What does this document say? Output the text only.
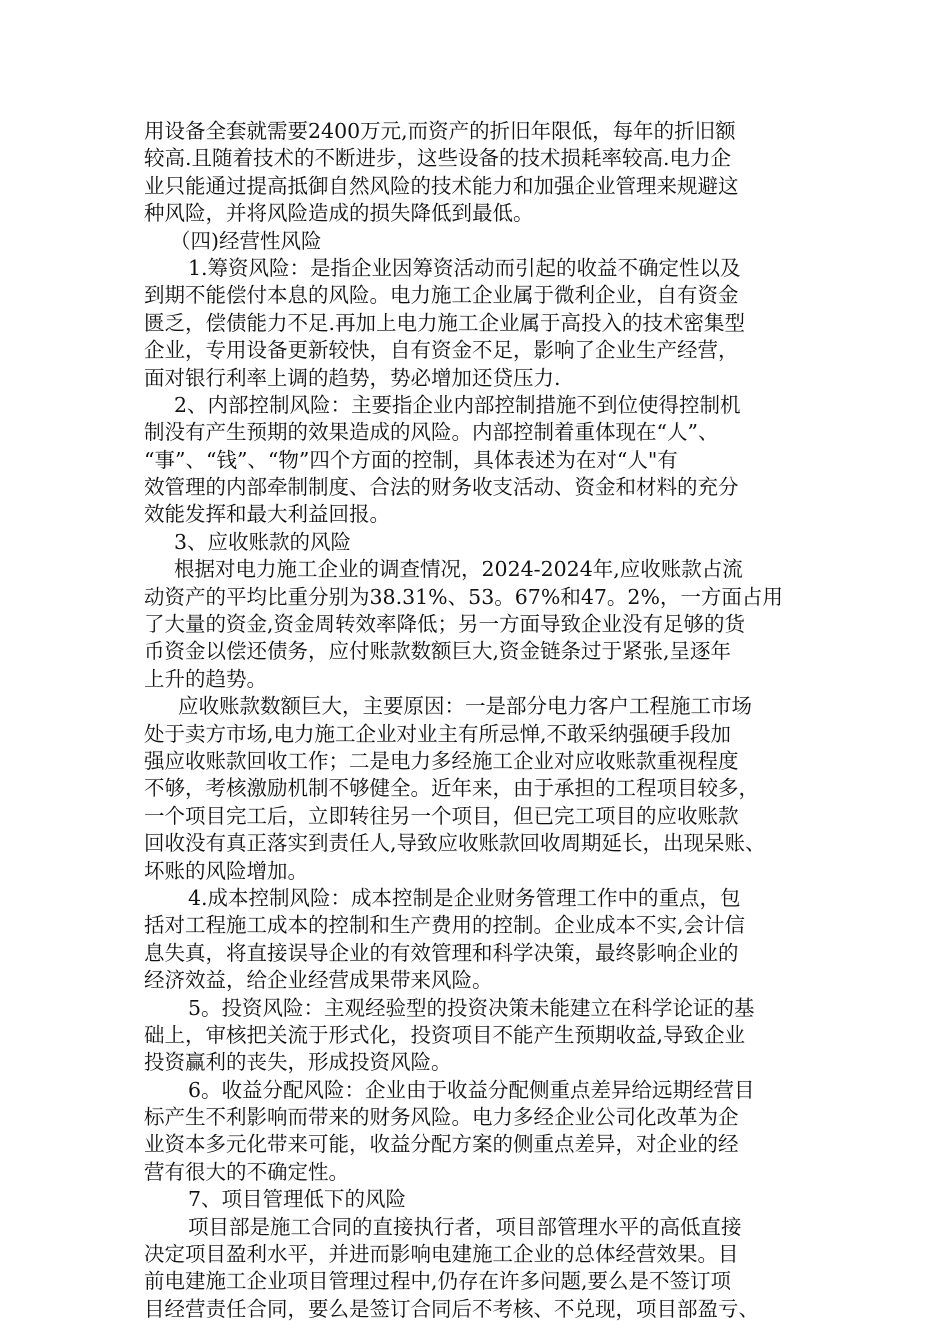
用设备全套就需要2400万元,而资产的折旧年限低，每年的折旧额
较高.且随着技术的不断进步，这些设备的技术损耗率较高.电力企
业只能通过提高抵御自然风险的技术能力和加强企业管理来规避这
种风险，并将风险造成的损失降低到最低。
（四)经营性风险
1.筹资风险：是指企业因筹资活动而引起的收益不确定性以及
到期不能偿付本息的风险。电力施工企业属于微利企业，自有资金
匮乏，偿债能力不足.再加上电力施工企业属于高投入的技术密集型
企业，专用设备更新较快，自有资金不足，影响了企业生产经营，
面对银行利率上调的趋势，势必增加还贷压力.
2、内部控制风险：主要指企业内部控制措施不到位使得控制机
制没有产生预期的效果造成的风险。内部控制着重体现在“人”、
“事”、“钱”、“物”四个方面的控制，具体表述为在对“人"有
效管理的内部牵制制度、合法的财务收支活动、资金和材料的充分
效能发挥和最大利益回报。
3、应收账款的风险
根据对电力施工企业的调查情况，2024-2024年,应收账款占流
动资产的平均比重分别为38.31%、53。67%和47。2%，一方面占用
了大量的资金,资金周转效率降低；另一方面导致企业没有足够的货
币资金以偿还债务，应付账款数额巨大,资金链条过于紧张,呈逐年
上升的趋势。
应收账款数额巨大，主要原因：一是部分电力客户工程施工市场
处于卖方市场,电力施工企业对业主有所忌惮,不敢采纳强硬手段加
强应收账款回收工作；二是电力多经施工企业对应收账款重视程度
不够，考核激励机制不够健全。近年来，由于承担的工程项目较多，
一个项目完工后，立即转往另一个项目，但已完工项目的应收账款
回收没有真正落实到责任人,导致应收账款回收周期延长，出现呆账、
坏账的风险增加。
4.成本控制风险：成本控制是企业财务管理工作中的重点，包
括对工程施工成本的控制和生产费用的控制。企业成本不实,会计信
息失真，将直接误导企业的有效管理和科学决策，最终影响企业的
经济效益，给企业经营成果带来风险。
5。投资风险：主观经验型的投资决策未能建立在科学论证的基
础上，审核把关流于形式化，投资项目不能产生预期收益,导致企业
投资赢利的丧失，形成投资风险。
6。收益分配风险：企业由于收益分配侧重点差异给远期经营目
标产生不利影响而带来的财务风险。电力多经企业公司化改革为企
业资本多元化带来可能，收益分配方案的侧重点差异，对企业的经
营有很大的不确定性。
7、项目管理低下的风险
项目部是施工合同的直接执行者，项目部管理水平的高低直接
决定项目盈利水平，并进而影响电建施工企业的总体经营效果。目
前电建施工企业项目管理过程中,仍存在许多问题,要么是不签订项
目经营责任合同，要么是签订合同后不考核、不兑现，项目部盈亏、
